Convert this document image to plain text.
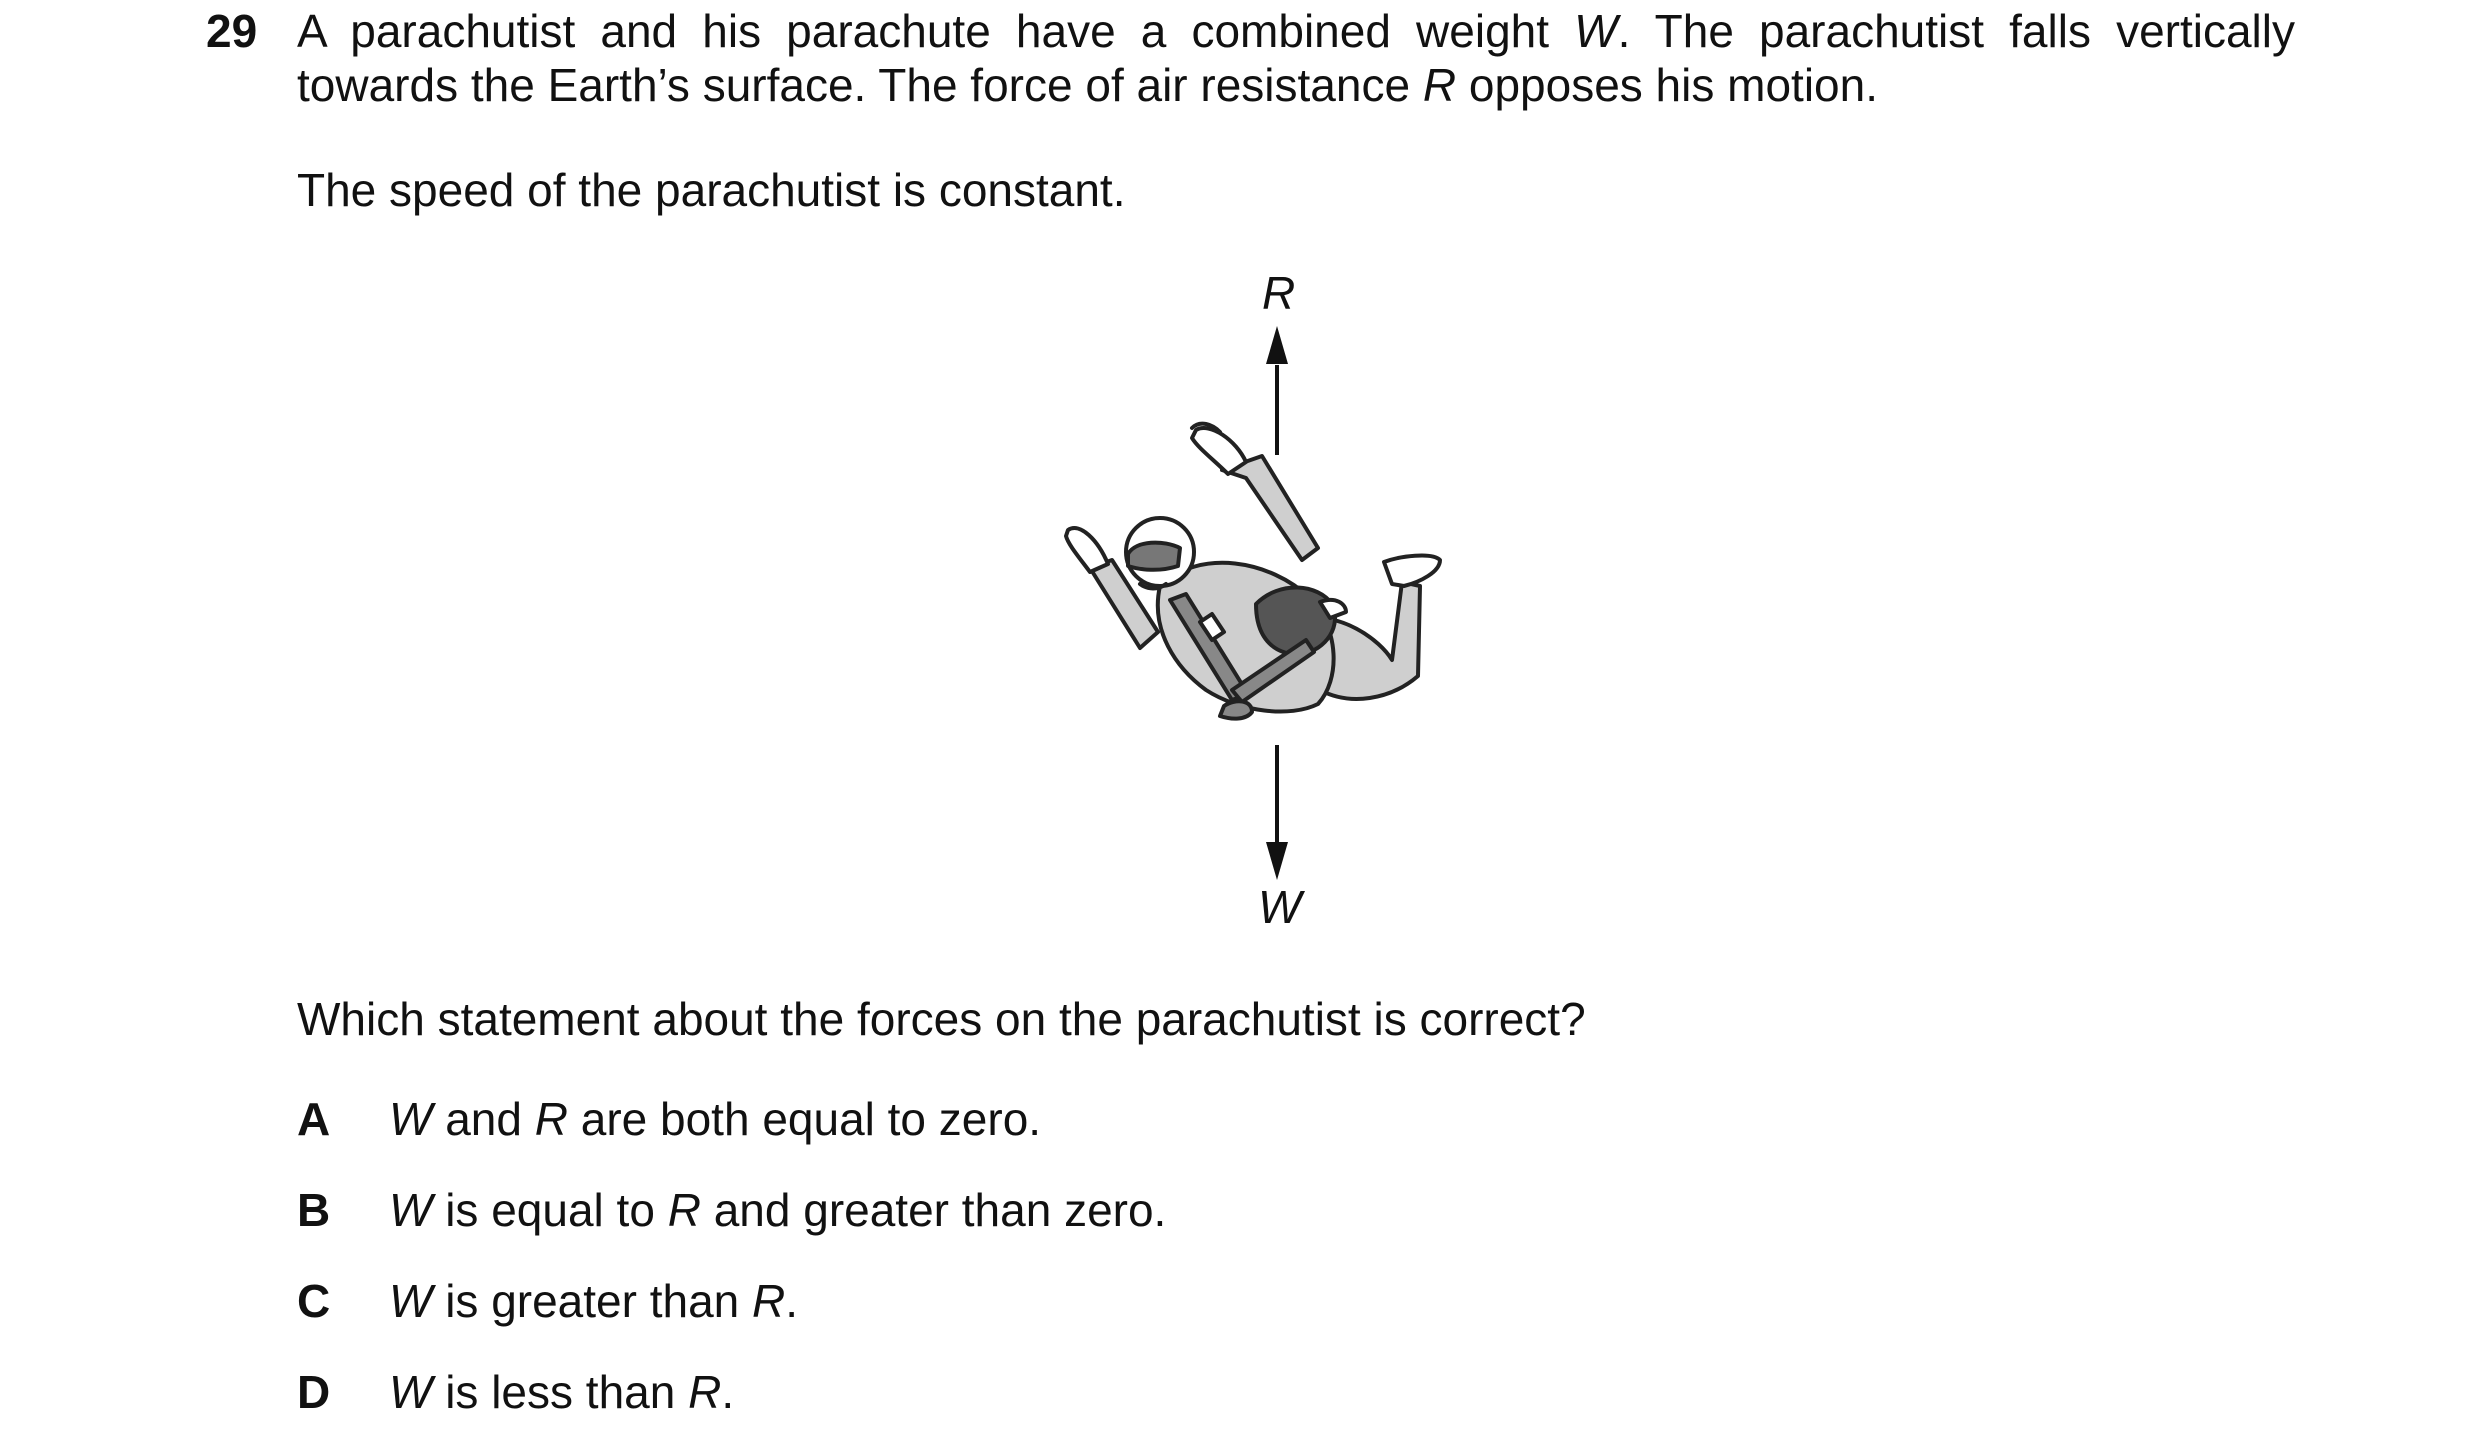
29 A parachutist and his parachute have a combined weight W. The parachutist falls vertically
towards the Earth’s surface. The force of air resistance R opposes his motion.
The speed of the parachutist is constant.
R
W
Which statement about the forces on the parachutist is correct?
A W and R are both equal to zero.
B W is equal to R and greater than zero.
C W is greater than R.
D W is less than R.
